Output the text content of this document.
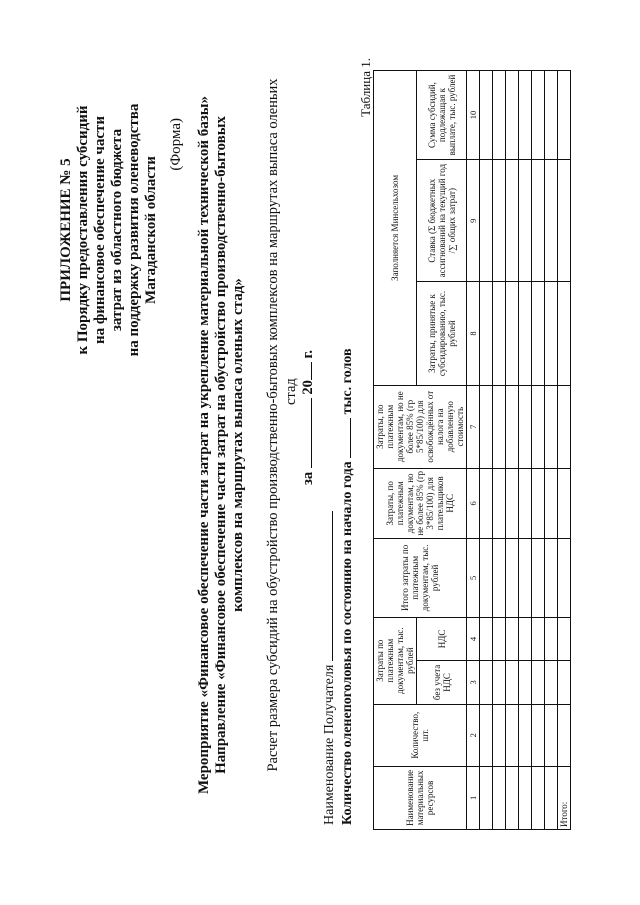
ПРИЛОЖЕНИЕ № 5 к Порядку предоставления субсидий на финансовое обеспечение части затрат из областного бюджета на поддержку развития оленеводства Магаданской области
(Форма) Мероприятие «Финансовое обеспечение части затрат на укрепление материальной технической базы» Направление «Финансовое обеспечение части затрат на обустройство производственно-бытовых комплексов на маршрутах выпаса оленьих стад» Расчет размера субсидий на обустройство производственно-бытовых комплексов на маршрутах выпаса оленьих стад
за  20 г.
Наименование Получателя Количество оленепоголовья по состоянию на начало года  тыс. голов
Таблица 1.
Наименование материальных ресурсов	Количество, шт.	Затраты по платежным документам, тыс. рублей		Итого затраты по платежным документам, тыс. рублей	Затраты, по платежным документам, но не более 85% (гр 3*85/100) для плательщиков НДС	Затраты, по платежным документам, но не более 85% (гр 5*85/100) для освобождённых от налога на добавленную стоимость	Заполняется Минсельхозом		
		без учета НДС	НДС				Затраты, принятые к субсидированию, тыс. рублей	Ставка (Σ бюджетных ассигнований на текущий год /∑ общих затрат)	Сумма субсидий, подлежащая к выплате, тыс. рублей

1	2	3	4	5	6	7	8	9	10

Итого:									
